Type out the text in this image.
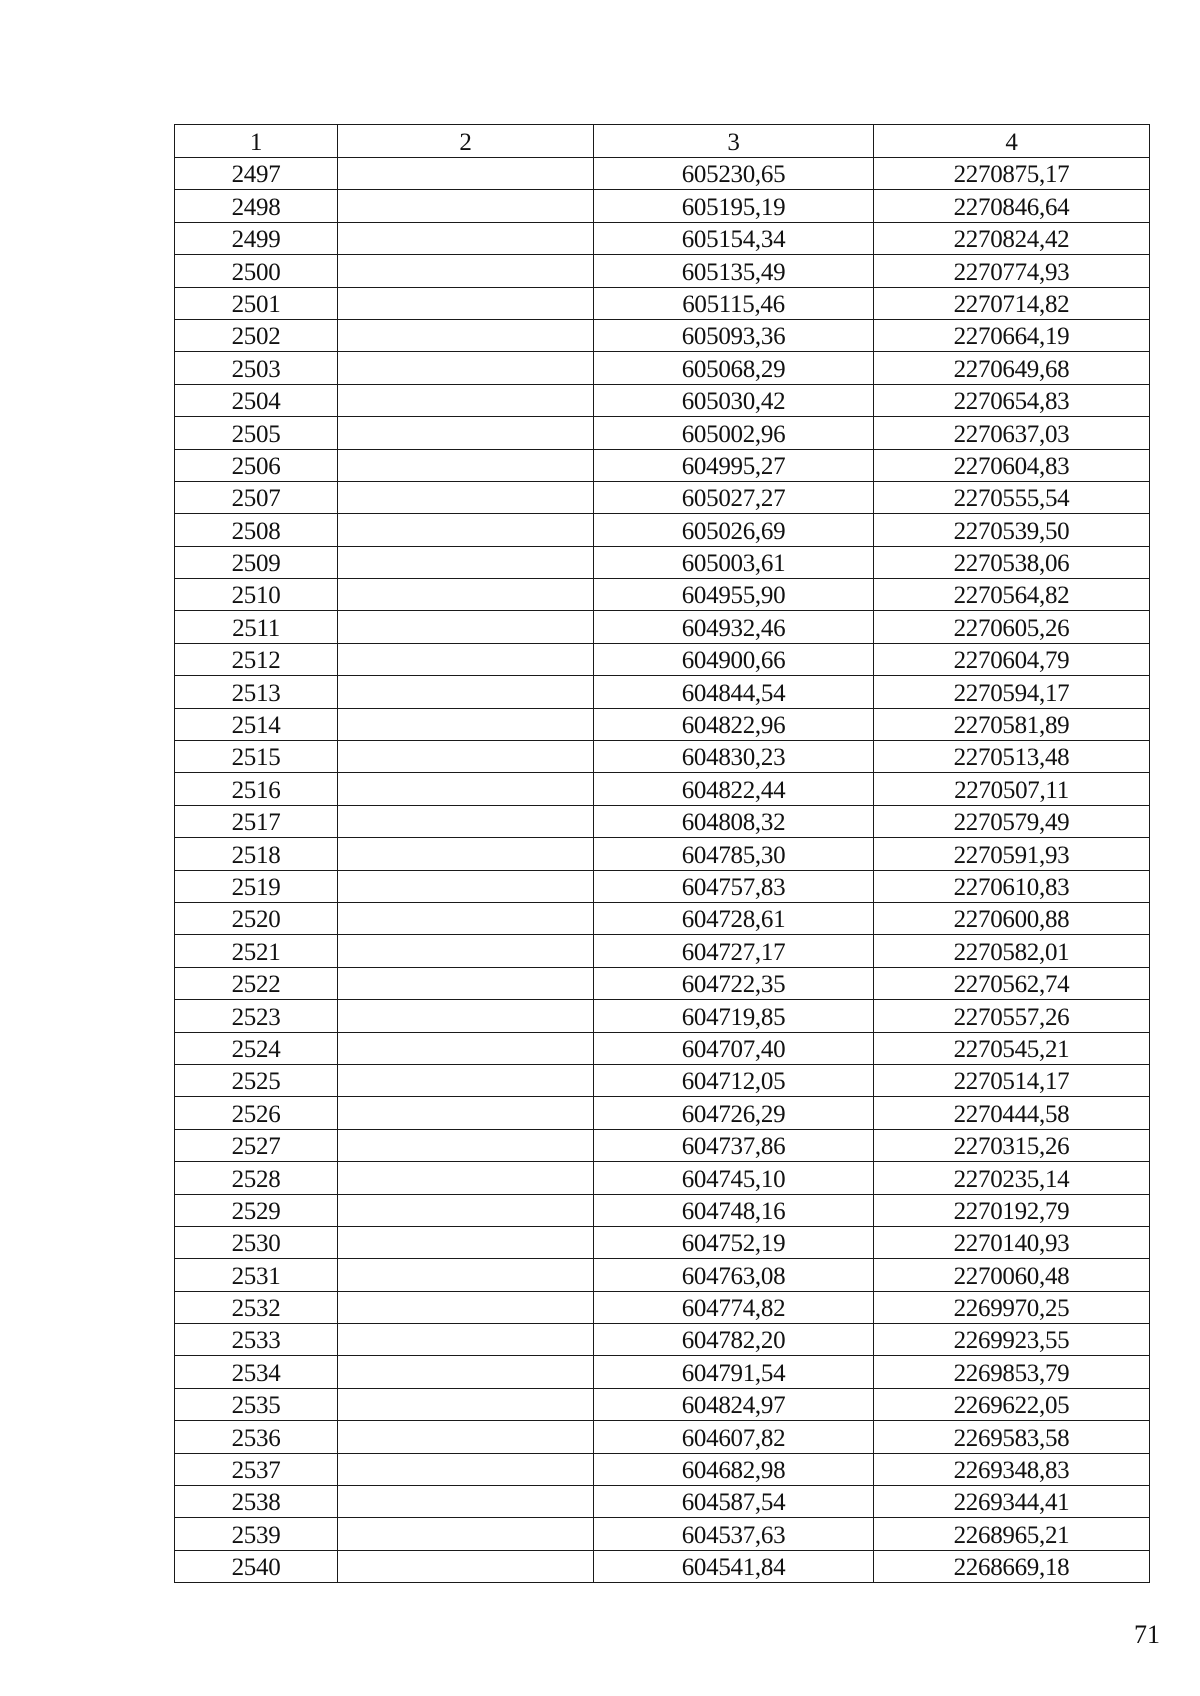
1	2	3	4
2497		605230,65	2270875,17
2498		605195,19	2270846,64
2499		605154,34	2270824,42
2500		605135,49	2270774,93
2501		605115,46	2270714,82
2502		605093,36	2270664,19
2503		605068,29	2270649,68
2504		605030,42	2270654,83
2505		605002,96	2270637,03
2506		604995,27	2270604,83
2507		605027,27	2270555,54
2508		605026,69	2270539,50
2509		605003,61	2270538,06
2510		604955,90	2270564,82
2511		604932,46	2270605,26
2512		604900,66	2270604,79
2513		604844,54	2270594,17
2514		604822,96	2270581,89
2515		604830,23	2270513,48
2516		604822,44	2270507,11
2517		604808,32	2270579,49
2518		604785,30	2270591,93
2519		604757,83	2270610,83
2520		604728,61	2270600,88
2521		604727,17	2270582,01
2522		604722,35	2270562,74
2523		604719,85	2270557,26
2524		604707,40	2270545,21
2525		604712,05	2270514,17
2526		604726,29	2270444,58
2527		604737,86	2270315,26
2528		604745,10	2270235,14
2529		604748,16	2270192,79
2530		604752,19	2270140,93
2531		604763,08	2270060,48
2532		604774,82	2269970,25
2533		604782,20	2269923,55
2534		604791,54	2269853,79
2535		604824,97	2269622,05
2536		604607,82	2269583,58
2537		604682,98	2269348,83
2538		604587,54	2269344,41
2539		604537,63	2268965,21
2540		604541,84	2268669,18
71
